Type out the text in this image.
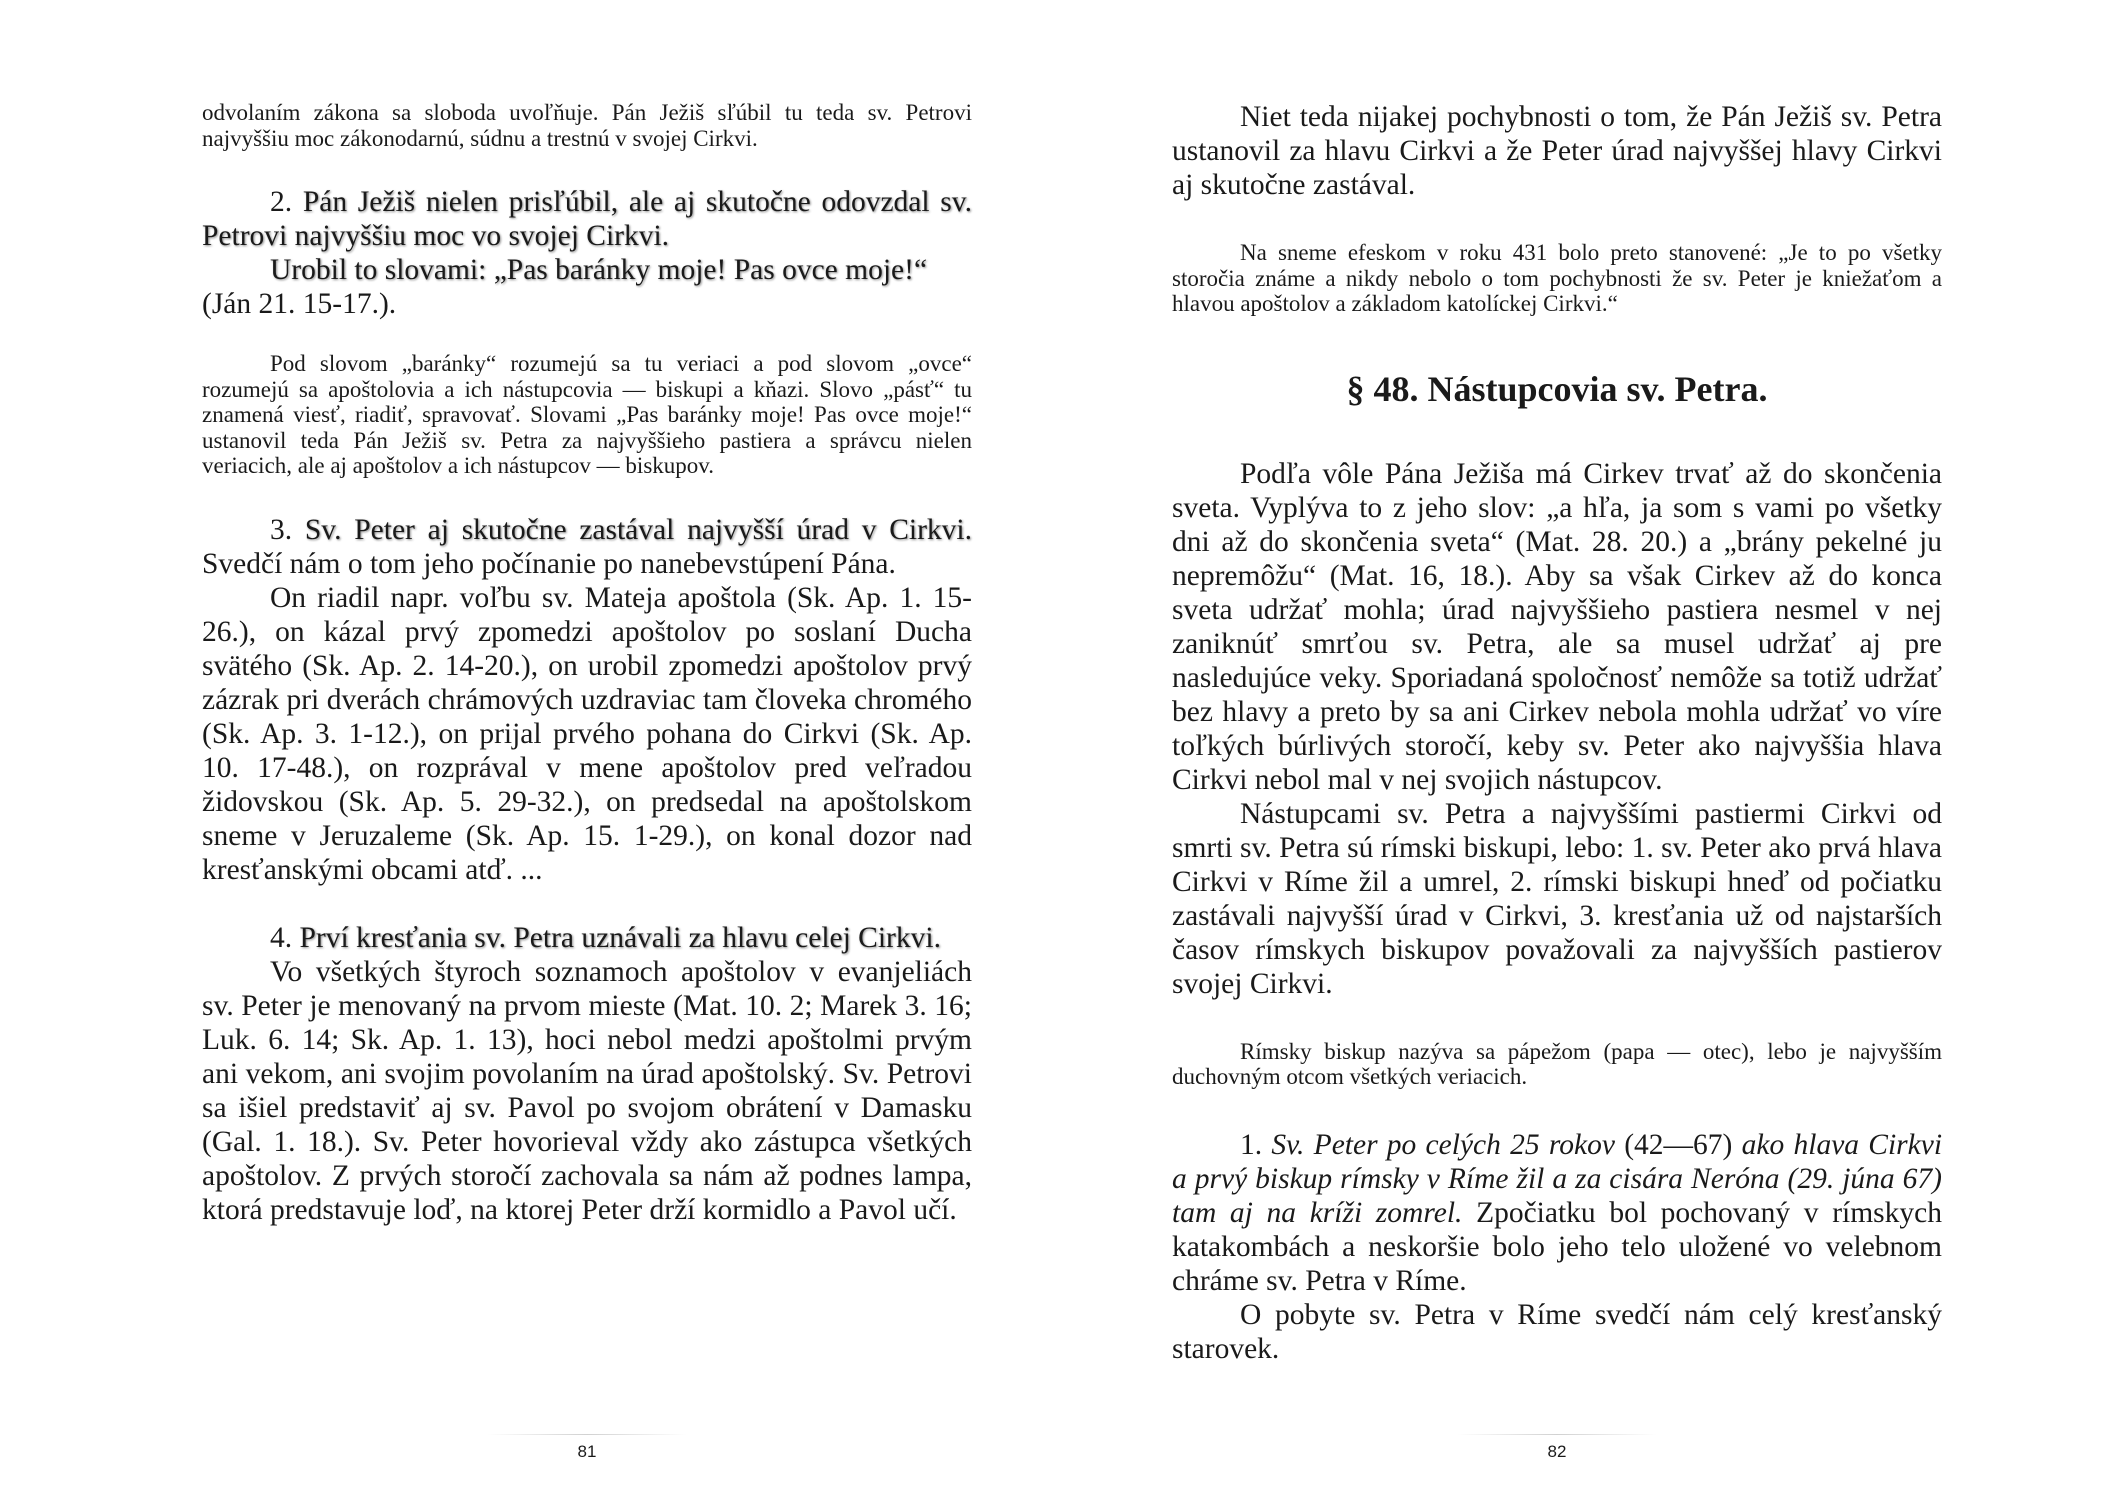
odvolaním zákona sa sloboda uvoľňuje. Pán Ježiš sľúbil tu teda sv. Petrovi najvyššiu moc zákonodarnú, súdnu a trestnú v svojej Cirkvi.

2. Pán Ježiš nielen prisľúbil, ale aj skutočne odovzdal sv. Petrovi najvyššiu moc vo svojej Cirkvi.

Urobil to slovami: „Pas baránky moje! Pas ovce moje!“

(Ján 21. 15-17.).

Pod slovom „baránky“ rozumejú sa tu veriaci a pod slovom „ovce“ rozumejú sa apoštolovia a ich nástupcovia — biskupi a kňazi. Slovo „pásť“ tu znamená viesť, riadiť, spravovať. Slovami „Pas baránky moje! Pas ovce moje!“ ustanovil teda Pán Ježiš sv. Petra za najvyššieho pastiera a správcu nielen veriacich, ale aj apoštolov a ich nástupcov — biskupov.

3. Sv. Peter aj skutočne zastával najvyšší úrad v Cirkvi. Svedčí nám o tom jeho počínanie po nanebevstúpení Pána.

On riadil napr. voľbu sv. Mateja apoštola (Sk. Ap. 1. 15-26.), on kázal prvý zpomedzi apoštolov po soslaní Ducha svätého (Sk. Ap. 2. 14-20.), on urobil zpomedzi apoštolov prvý zázrak pri dverách chrámových uzdraviac tam človeka chromého (Sk. Ap. 3. 1-12.), on prijal prvého pohana do Cirkvi (Sk. Ap. 10. 17-48.), on rozprával v mene apoštolov pred veľradou židovskou (Sk. Ap. 5. 29-32.), on predsedal na apoštolskom sneme v Jeruzaleme (Sk. Ap. 15. 1-29.), on konal dozor nad kresťanskými obcami atď. ...

4. Prví kresťania sv. Petra uznávali za hlavu celej Cirkvi.

Vo všetkých štyroch soznamoch apoštolov v evanjeliách sv. Peter je menovaný na prvom mieste (Mat. 10. 2; Marek 3. 16; Luk. 6. 14; Sk. Ap. 1. 13), hoci nebol medzi apoštolmi prvým ani vekom, ani svojim povolaním na úrad apoštolský. Sv. Petrovi sa išiel predstaviť aj sv. Pavol po svojom obrátení v Damasku (Gal. 1. 18.). Sv. Peter hovorieval vždy ako zástupca všetkých apoštolov. Z prvých storočí zachovala sa nám až podnes lampa, ktorá predstavuje loď, na ktorej Peter drží kormidlo a Pavol učí.

81

Niet teda nijakej pochybnosti o tom, že Pán Ježiš sv. Petra ustanovil za hlavu Cirkvi a že Peter úrad najvyššej hlavy Cirkvi aj skutočne zastával.

Na sneme efeskom v roku 431 bolo preto stanovené: „Je to po všetky storočia známe a nikdy nebolo o tom pochybnosti že sv. Peter je kniežaťom a hlavou apoštolov a základom katolíckej Cirkvi.“

§ 48. Nástupcovia sv. Petra.

Podľa vôle Pána Ježiša má Cirkev trvať až do skončenia sveta. Vyplýva to z jeho slov: „a hľa, ja som s vami po všetky dni až do skončenia sveta“ (Mat. 28. 20.) a „brány pekelné ju nepremôžu“ (Mat. 16, 18.). Aby sa však Cirkev až do konca sveta udržať mohla; úrad najvyššieho pastiera nesmel v nej zaniknúť smrťou sv. Petra, ale sa musel udržať aj pre nasledujúce veky. Sporiadaná spoločnosť nemôže sa totiž udržať bez hlavy a preto by sa ani Cirkev nebola mohla udržať vo víre toľkých búrlivých storočí, keby sv. Peter ako najvyššia hlava Cirkvi nebol mal v nej svojich nástupcov.

Nástupcami sv. Petra a najvyššími pastiermi Cirkvi od smrti sv. Petra sú rímski biskupi, lebo: 1. sv. Peter ako prvá hlava Cirkvi v Ríme žil a umrel, 2. rímski biskupi hneď od počiatku zastávali najvyšší úrad v Cirkvi, 3. kresťania už od najstarších časov rímskych biskupov považovali za najvyšších pastierov svojej Cirkvi.

Rímsky biskup nazýva sa pápežom (papa — otec), lebo je najvyšším duchovným otcom všetkých veriacich.

1. Sv. Peter po celých 25 rokov (42—67) ako hlava Cirkvi a prvý biskup rímsky v Ríme žil a za cisára Neróna (29. júna 67) tam aj na kríži zomrel. Zpočiatku bol pochovaný v rímskych katakombách a neskoršie bolo jeho telo uložené vo velebnom chráme sv. Petra v Ríme.

O pobyte sv. Petra v Ríme svedčí nám celý kresťanský starovek.

82
